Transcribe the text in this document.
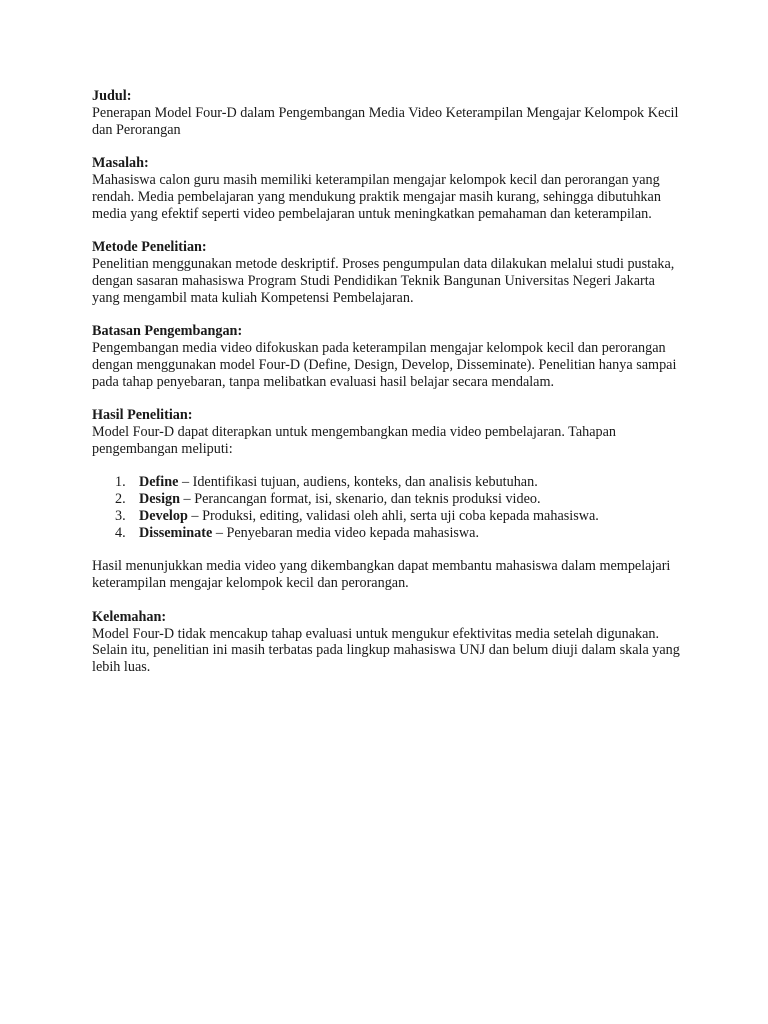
Judul:
Penerapan Model Four-D dalam Pengembangan Media Video Keterampilan Mengajar Kelompok Kecil dan Perorangan
Masalah:
Mahasiswa calon guru masih memiliki keterampilan mengajar kelompok kecil dan perorangan yang rendah. Media pembelajaran yang mendukung praktik mengajar masih kurang, sehingga dibutuhkan media yang efektif seperti video pembelajaran untuk meningkatkan pemahaman dan keterampilan.
Metode Penelitian:
Penelitian menggunakan metode deskriptif. Proses pengumpulan data dilakukan melalui studi pustaka, dengan sasaran mahasiswa Program Studi Pendidikan Teknik Bangunan Universitas Negeri Jakarta yang mengambil mata kuliah Kompetensi Pembelajaran.
Batasan Pengembangan:
Pengembangan media video difokuskan pada keterampilan mengajar kelompok kecil dan perorangan dengan menggunakan model Four-D (Define, Design, Develop, Disseminate). Penelitian hanya sampai pada tahap penyebaran, tanpa melibatkan evaluasi hasil belajar secara mendalam.
Hasil Penelitian:
Model Four-D dapat diterapkan untuk mengembangkan media video pembelajaran. Tahapan pengembangan meliputi:
1. Define – Identifikasi tujuan, audiens, konteks, dan analisis kebutuhan.
2. Design – Perancangan format, isi, skenario, dan teknis produksi video.
3. Develop – Produksi, editing, validasi oleh ahli, serta uji coba kepada mahasiswa.
4. Disseminate – Penyebaran media video kepada mahasiswa.
Hasil menunjukkan media video yang dikembangkan dapat membantu mahasiswa dalam mempelajari keterampilan mengajar kelompok kecil dan perorangan.
Kelemahan:
Model Four-D tidak mencakup tahap evaluasi untuk mengukur efektivitas media setelah digunakan. Selain itu, penelitian ini masih terbatas pada lingkup mahasiswa UNJ dan belum diuji dalam skala yang lebih luas.
